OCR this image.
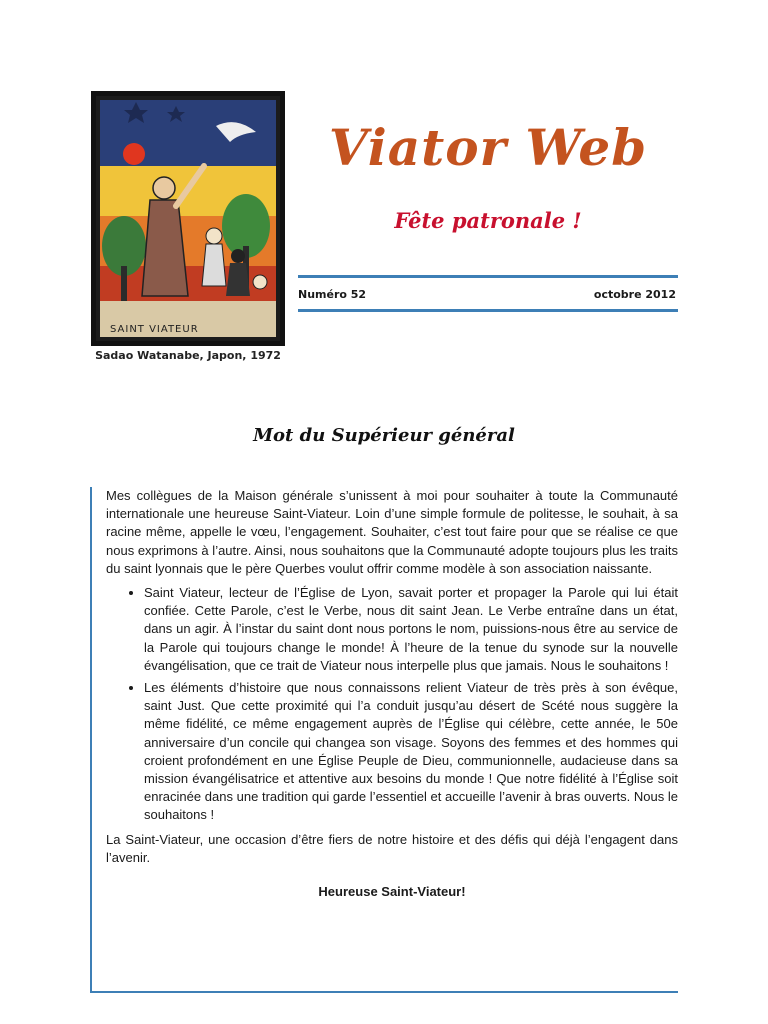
SAINT VIATEUR
Sadao Watanabe, Japon, 1972
Viator Web
Fête patronale !
Numéro 52	octobre 2012
Mot du Supérieur général

Mes collègues de la Maison générale s’unissent à moi pour souhaiter à toute la Communauté internationale une heureuse Saint-Viateur. Loin d’une simple formule de politesse, le souhait, à sa racine même, appelle le vœu, l’engagement. Souhaiter, c’est tout faire pour que se réalise ce que nous exprimons à l’autre. Ainsi, nous souhaitons que la Communauté adopte toujours plus les traits du saint lyonnais que le père Querbes voulut offrir comme modèle à son association naissante.

• Saint Viateur, lecteur de l’Église de Lyon, savait porter et propager la Parole qui lui était confiée. Cette Parole, c’est le Verbe, nous dit saint Jean. Le Verbe entraîne dans un état, dans un agir. À l’instar du saint dont nous portons le nom, puissions-nous être au service de la Parole qui toujours change le monde! À l’heure de la tenue du synode sur la nouvelle évangélisation, que ce trait de Viateur nous interpelle plus que jamais. Nous le souhaitons !
• Les éléments d’histoire que nous connaissons relient Viateur de très près à son évêque, saint Just. Que cette proximité qui l’a conduit jusqu’au désert de Scété nous suggère la même fidélité, ce même engagement auprès de l’Église qui célèbre, cette année, le 50e anniversaire d’un concile qui changea son visage. Soyons des femmes et des hommes qui croient profondément en une Église Peuple de Dieu, communionnelle, audacieuse dans sa mission évangélisatrice et attentive aux besoins du monde ! Que notre fidélité à l’Église soit enracinée dans une tradition qui garde l’essentiel et accueille l’avenir à bras ouverts. Nous le souhaitons !

La Saint-Viateur, une occasion d’être fiers de notre histoire et des défis qui déjà l’engagent dans l’avenir.

Heureuse Saint-Viateur!
